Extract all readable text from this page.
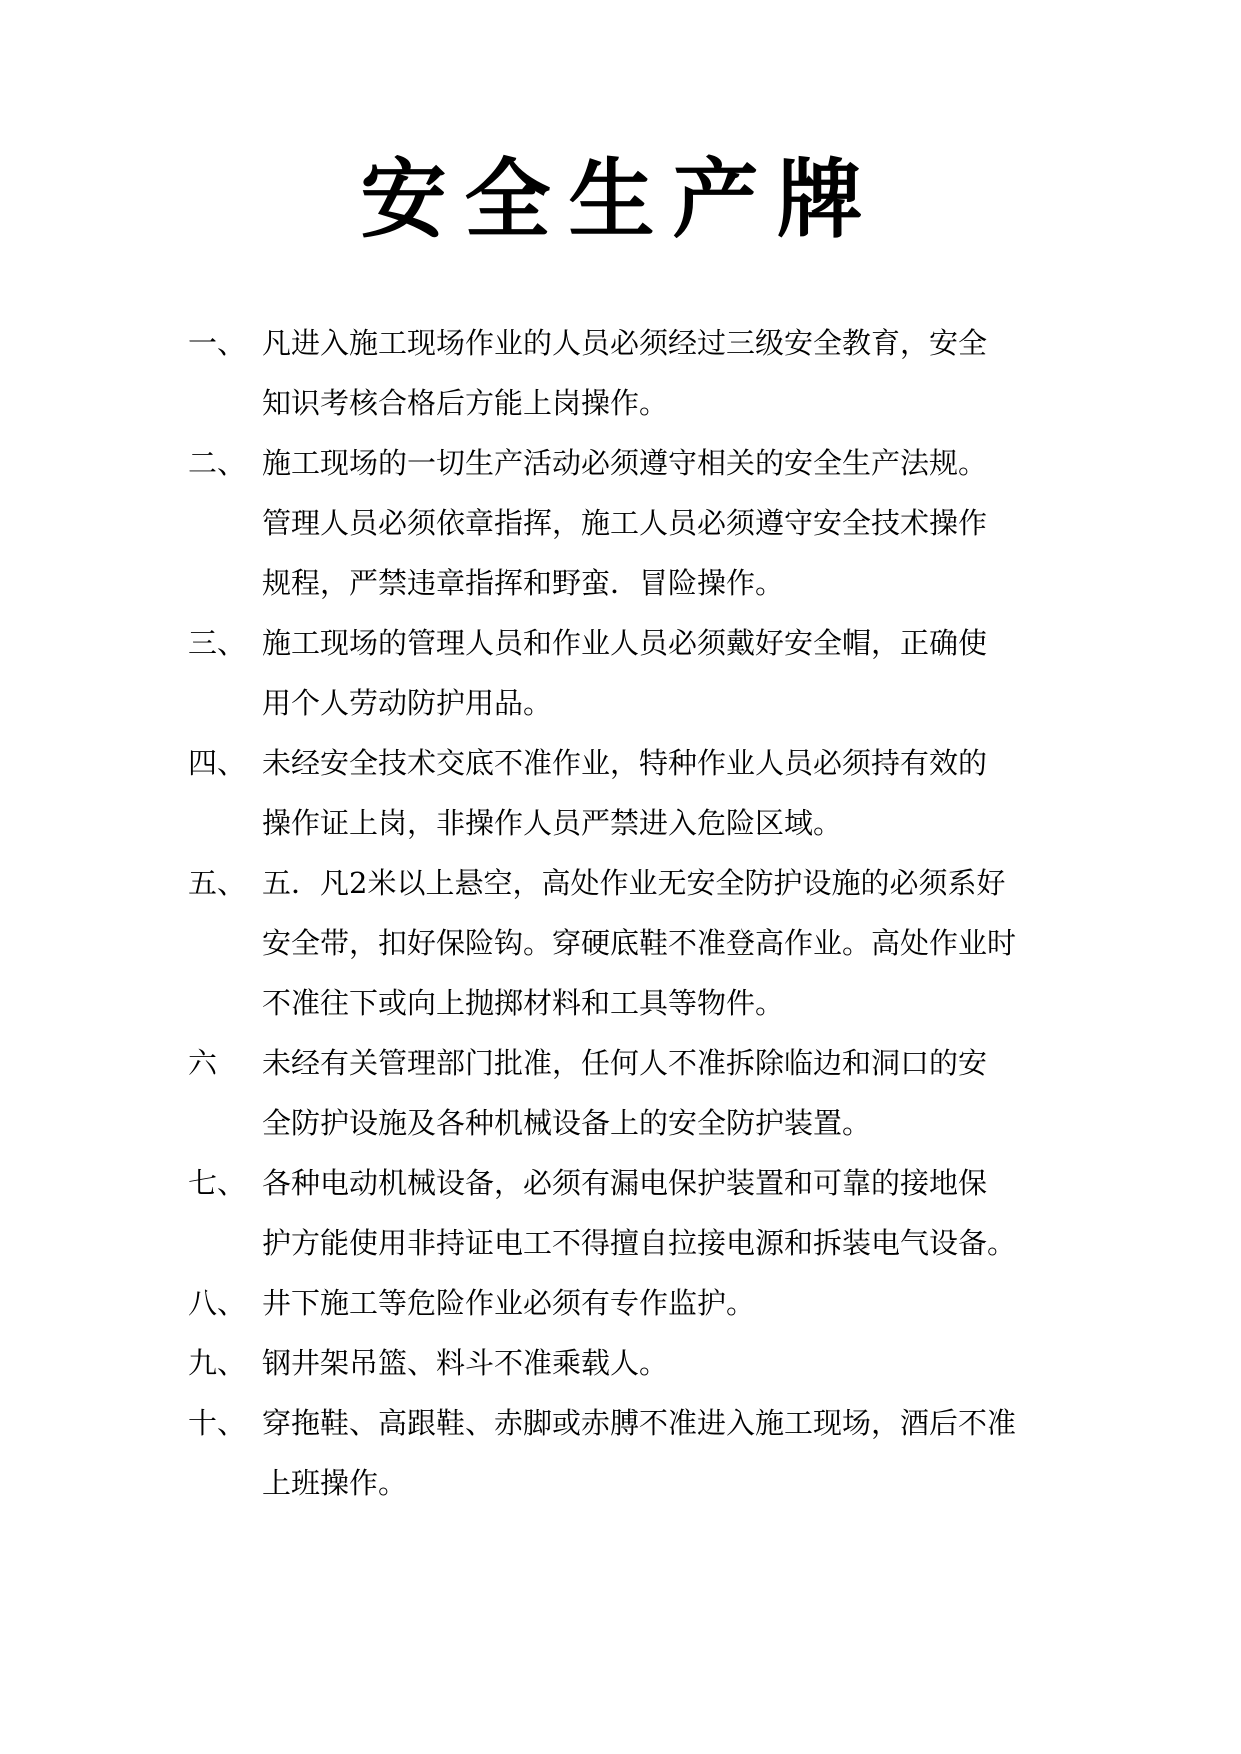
安全生产牌
一、 凡进入施工现场作业的人员必须经过三级安全教育，安全
知识考核合格后方能上岗操作。
二、 施工现场的一切生产活动必须遵守相关的安全生产法规。
管理人员必须依章指挥，施工人员必须遵守安全技术操作
规程，严禁违章指挥和野蛮．冒险操作。
三、 施工现场的管理人员和作业人员必须戴好安全帽，正确使
用个人劳动防护用品。
四、 未经安全技术交底不准作业，特种作业人员必须持有效的
操作证上岗，非操作人员严禁进入危险区域。
五、 五．凡2米以上悬空，高处作业无安全防护设施的必须系好
安全带，扣好保险钩。穿硬底鞋不准登高作业。高处作业时
不准往下或向上抛掷材料和工具等物件。
六	未经有关管理部门批准，任何人不准拆除临边和洞口的安
全防护设施及各种机械设备上的安全防护装置。
七、 各种电动机械设备，必须有漏电保护装置和可靠的接地保
护方能使用非持证电工不得擅自拉接电源和拆装电气设备。
八、 井下施工等危险作业必须有专作监护。
九、 钢井架吊篮、料斗不准乘载人。
十、 穿拖鞋、高跟鞋、赤脚或赤膊不准进入施工现场，酒后不准
上班操作。
